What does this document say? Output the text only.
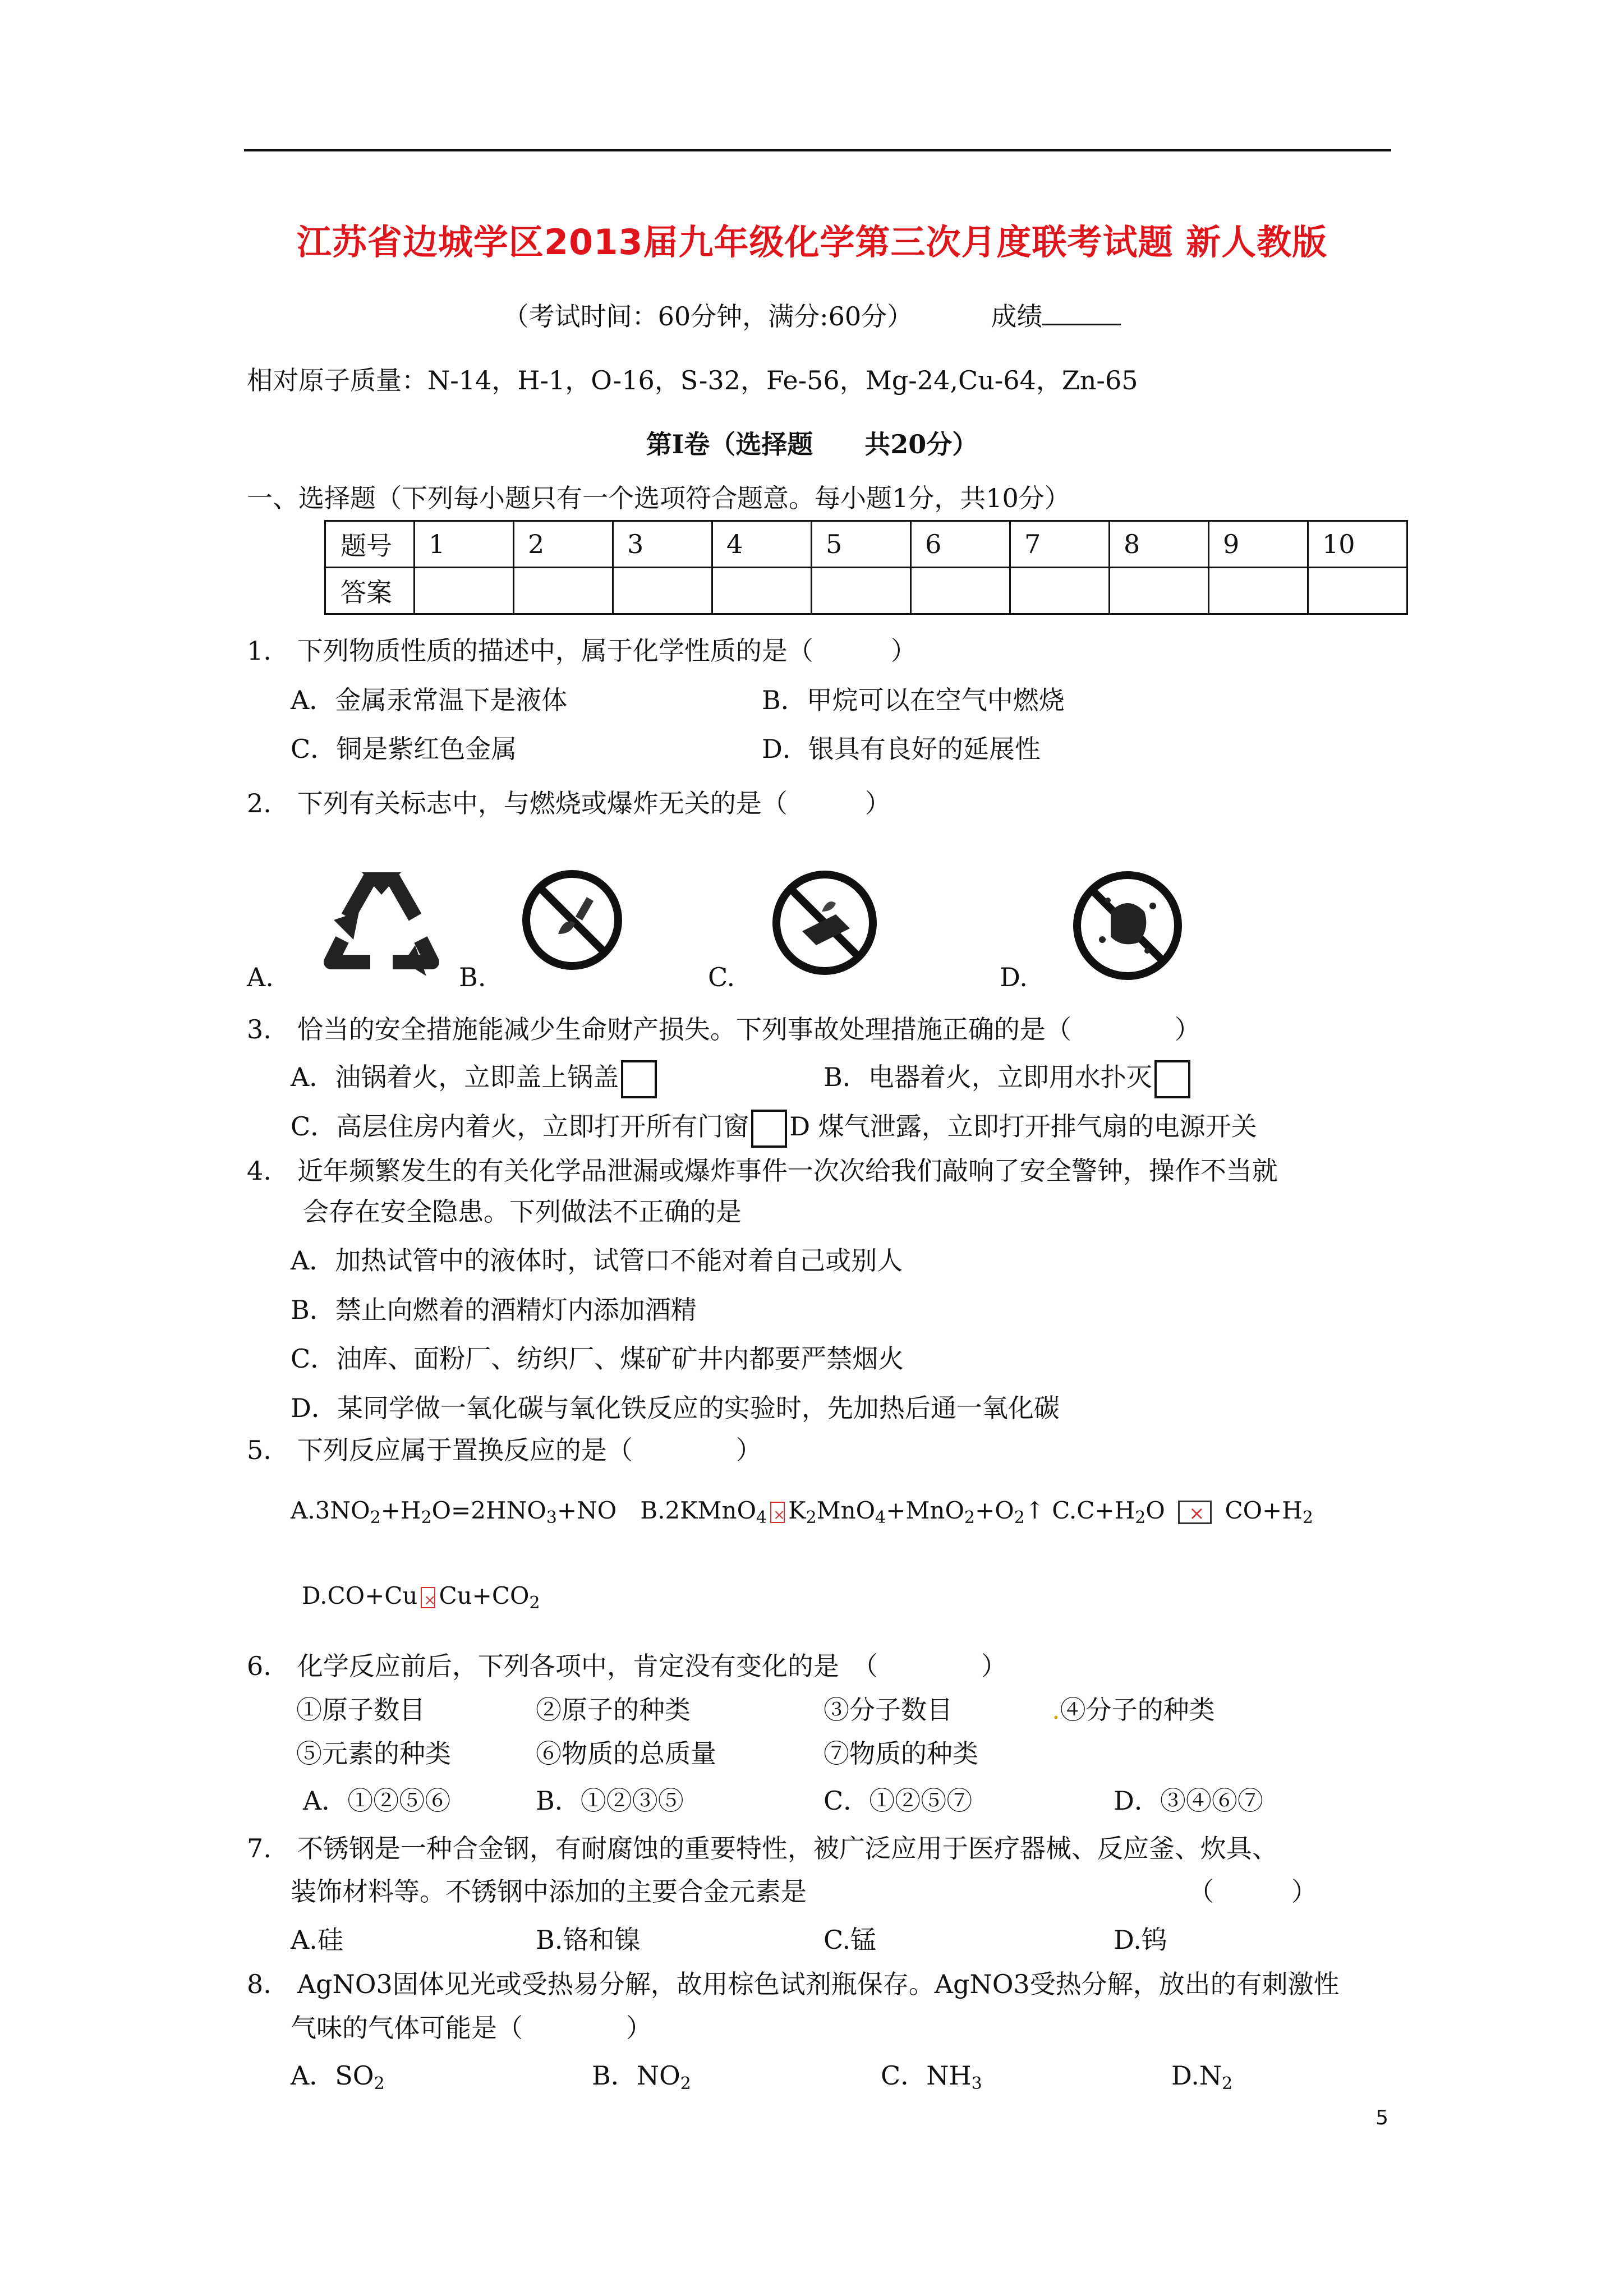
江苏省边城学区2013届九年级化学第三次月度联考试题 新人教版
（考试时间：60分钟，满分:60分）	成绩
相对原子质量：N-14，H-1，O-16，S-32，Fe-56，Mg-24,Cu-64，Zn-65
第Ⅰ卷（选择题　　共20分）
一、选择题（下列每小题只有一个选项符合题意。每小题1分，共10分）
题号	1	2	3	4	5	6	7	8	9	10
答案										
1.　下列物质性质的描述中，属于化学性质的是（　　　）
A．金属汞常温下是液体	B．甲烷可以在空气中燃烧
C．铜是紫红色金属	D．银具有良好的延展性
2.　下列有关标志中，与燃烧或爆炸无关的是（　　　）
A.	B.	C.	D.
3.　恰当的安全措施能减少生命财产损失。下列事故处理措施正确的是（　　　　）
A．油锅着火，立即盖上锅盖	B．电器着火，立即用水扑灭
C．高层住房内着火，立即打开所有门窗 D 煤气泄露，立即打开排气扇的电源开关
4.　近年频繁发生的有关化学品泄漏或爆炸事件一次次给我们敲响了安全警钟，操作不当就
会存在安全隐患。下列做法不正确的是
A．加热试管中的液体时，试管口不能对着自己或别人
B．禁止向燃着的酒精灯内添加酒精
C．油库、面粉厂、纺织厂、煤矿矿井内都要严禁烟火
D．某同学做一氧化碳与氧化铁反应的实验时，先加热后通一氧化碳
5.　下列反应属于置换反应的是（　　　　）
$A.3NO_2+H_2O=2HNO_3+NO$　B.2KMnO$_4$ × $K_2MnO_4+MnO_2+O_2↑$ $C.C+H_2O \times CO+H_2$
$D.CO+Cu \times Cu+CO_2$
6.　化学反应前后，下列各项中，肯定没有变化的是　（　　　　）
①原子数目	②原子的种类	③分子数目	.④分子的种类
⑤元素的种类	⑥物质的总质量	⑦物质的种类
A．①②⑤⑥	B．①②③⑤	C．①②⑤⑦	D．③④⑥⑦
7.　不锈钢是一种合金钢，有耐腐蚀的重要特性，被广泛应用于医疗器械、反应釜、炊具、
装饰材料等。不锈钢中添加的主要合金元素是	（　　　）
A.硅	B.铬和镍	C.锰	D.钨
8.　AgNO3固体见光或受热易分解，故用棕色试剂瓶保存。AgNO3受热分解，放出的有刺激性
气味的气体可能是（　　　　）
A．$SO_2$	B．$NO_2$	C．$NH_3$	$D.N_2$
5
